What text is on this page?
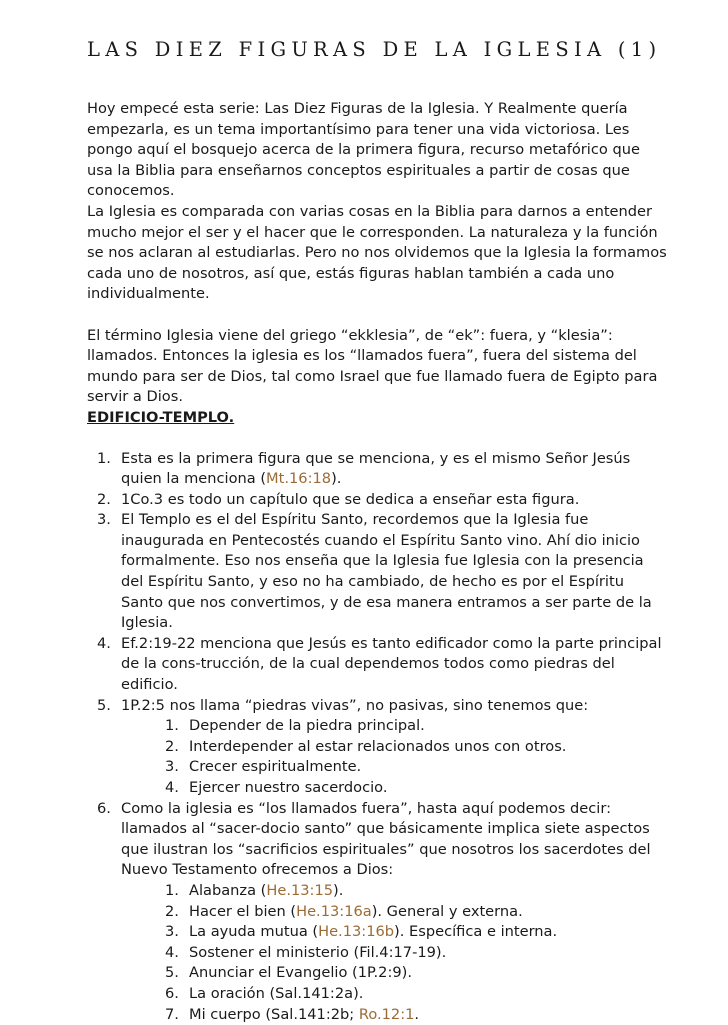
LAS DIEZ FIGURAS DE LA IGLESIA (1)

Hoy empecé esta serie: Las Diez Figuras de la Iglesia. Y Realmente quería empezarla, es un tema importantísimo para tener una vida victoriosa. Les pongo aquí el bosquejo acerca de la primera figura, recurso metafórico que usa la Biblia para enseñarnos conceptos espirituales a partir de cosas que conocemos.

La Iglesia es comparada con varias cosas en la Biblia para darnos a entender mucho mejor el ser y el hacer que le corresponden. La naturaleza y la función se nos aclaran al estudiarlas. Pero no nos olvidemos que la Iglesia la formamos cada uno de nosotros, así que, estás figuras hablan también a cada uno individualmente.

El término Iglesia viene del griego “ekklesia”, de “ek”: fuera, y “klesia”: llamados. Entonces la iglesia es los “llamados fuera”, fuera del sistema del mundo para ser de Dios, tal como Israel que fue llamado fuera de Egipto para servir a Dios.

EDIFICIO-TEMPLO.

1. Esta es la primera figura que se menciona, y es el mismo Señor Jesús quien la menciona (Mt.16:18).
2. 1Co.3 es todo un capítulo que se dedica a enseñar esta figura.
3. El Templo es el del Espíritu Santo, recordemos que la Iglesia fue inaugurada en Pentecostés cuando el Espíritu Santo vino. Ahí dio inicio formalmente. Eso nos enseña que la Iglesia fue Iglesia con la presencia del Espíritu Santo, y eso no ha cambiado, de hecho es por el Espíritu Santo que nos convertimos, y de esa manera entramos a ser parte de la Iglesia.
4. Ef.2:19-22 menciona que Jesús es tanto edificador como la parte principal de la cons-trucción, de la cual dependemos todos como piedras del edificio.
5. 1P.2:5 nos llama “piedras vivas”, no pasivas, sino tenemos que:
1. Depender de la piedra principal.
2. Interdepender al estar relacionados unos con otros.
3. Crecer espiritualmente.
4. Ejercer nuestro sacerdocio.
6. Como la iglesia es “los llamados fuera”, hasta aquí podemos decir: llamados al “sacer-docio santo” que básicamente implica siete aspectos que ilustran los “sacrificios espirituales” que nosotros los sacerdotes del Nuevo Testamento ofrecemos a Dios:
1. Alabanza (He.13:15).
2. Hacer el bien (He.13:16a). General y externa.
3. La ayuda mutua (He.13:16b). Específica e interna.
4. Sostener el ministerio (Fil.4:17-19).
5. Anunciar el Evangelio (1P.2:9).
6. La oración (Sal.141:2a).
7. Mi cuerpo (Sal.141:2b; Ro.12:1.
